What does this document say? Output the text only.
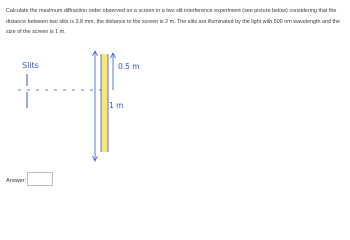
Calculate the maximum diffraction order observed on a screen in a two slit interference experiment (see picture below) considering that the distance between two slits is 3.8 mm, the distance to the screen is 2 m. The slits are illuminated by the light with 500 nm wavelength and the size of the screen is 1 m.

Slits	0.5 m
1 m
Answer:
